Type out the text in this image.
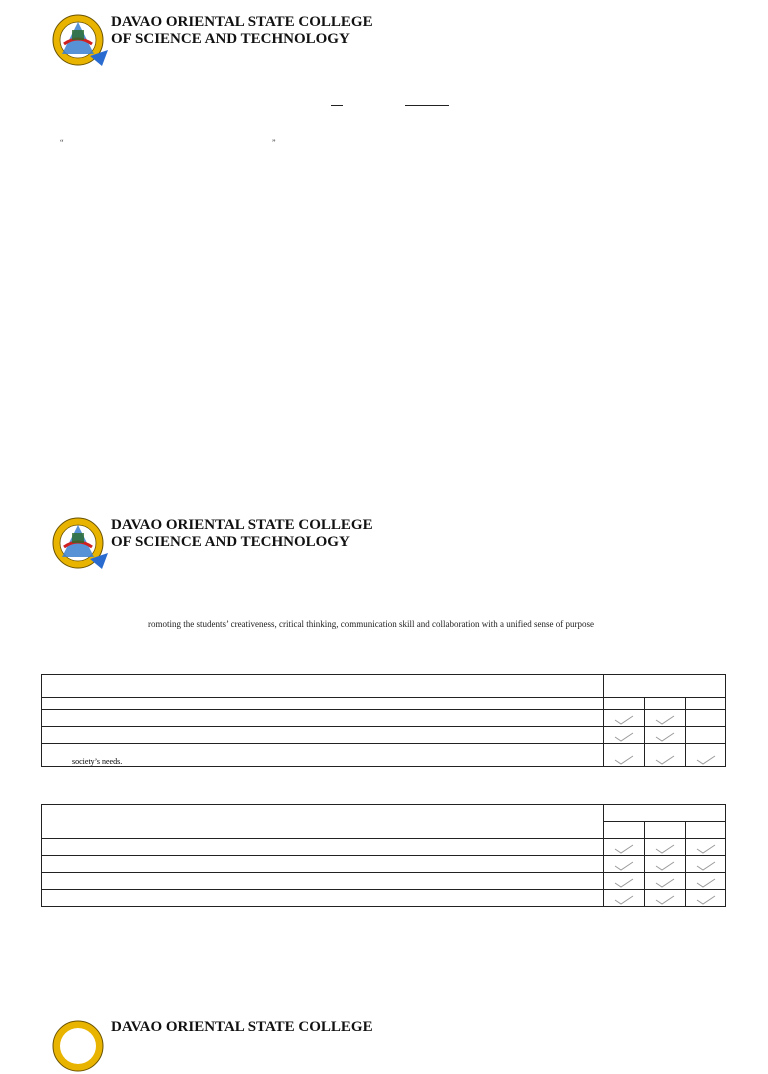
DAVAO ORIENTAL STATE COLLEGE
OF SCIENCE AND TECHNOLOGY
“	”
DAVAO ORIENTAL STATE COLLEGE
OF SCIENCE AND TECHNOLOGY
romoting the students’ creativeness, critical thinking, communication skill and collaboration with a unified sense of purpose

society’s needs.	

DAVAO ORIENTAL STATE COLLEGE
